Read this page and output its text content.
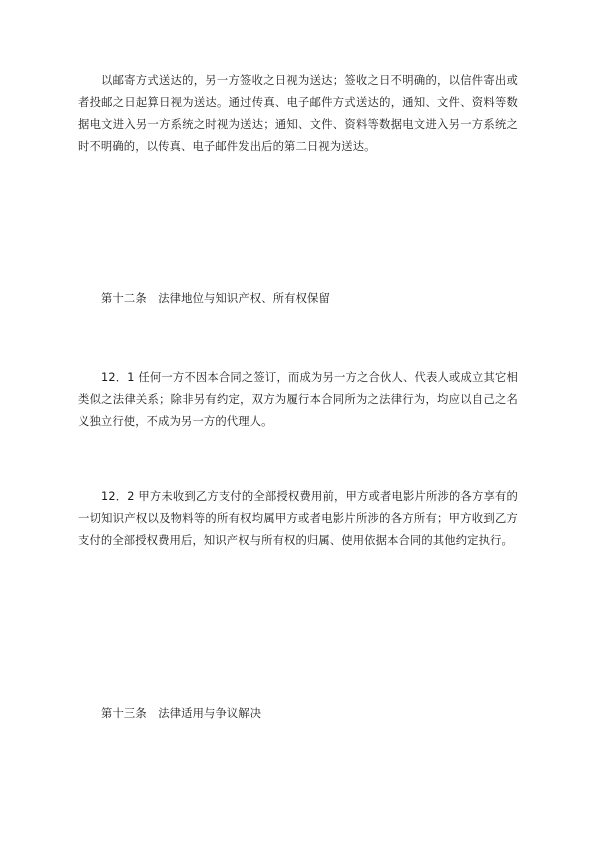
以邮寄方式送达的，另一方签收之日视为送达；签收之日不明确的，以信件寄出或者投邮之日起算日视为送达。通过传真、电子邮件方式送达的，通知、文件、资料等数据电文进入另一方系统之时视为送达；通知、文件、资料等数据电文进入另一方系统之时不明确的，以传真、电子邮件发出后的第二日视为送达。

第十二条　法律地位与知识产权、所有权保留

12．1 任何一方不因本合同之签订，而成为另一方之合伙人、代表人或成立其它相类似之法律关系；除非另有约定，双方为履行本合同所为之法律行为，均应以自己之名义独立行使，不成为另一方的代理人。

12．2 甲方未收到乙方支付的全部授权费用前，甲方或者电影片所涉的各方享有的一切知识产权以及物料等的所有权均属甲方或者电影片所涉的各方所有；甲方收到乙方支付的全部授权费用后，知识产权与所有权的归属、使用依据本合同的其他约定执行。

第十三条　法律适用与争议解决
